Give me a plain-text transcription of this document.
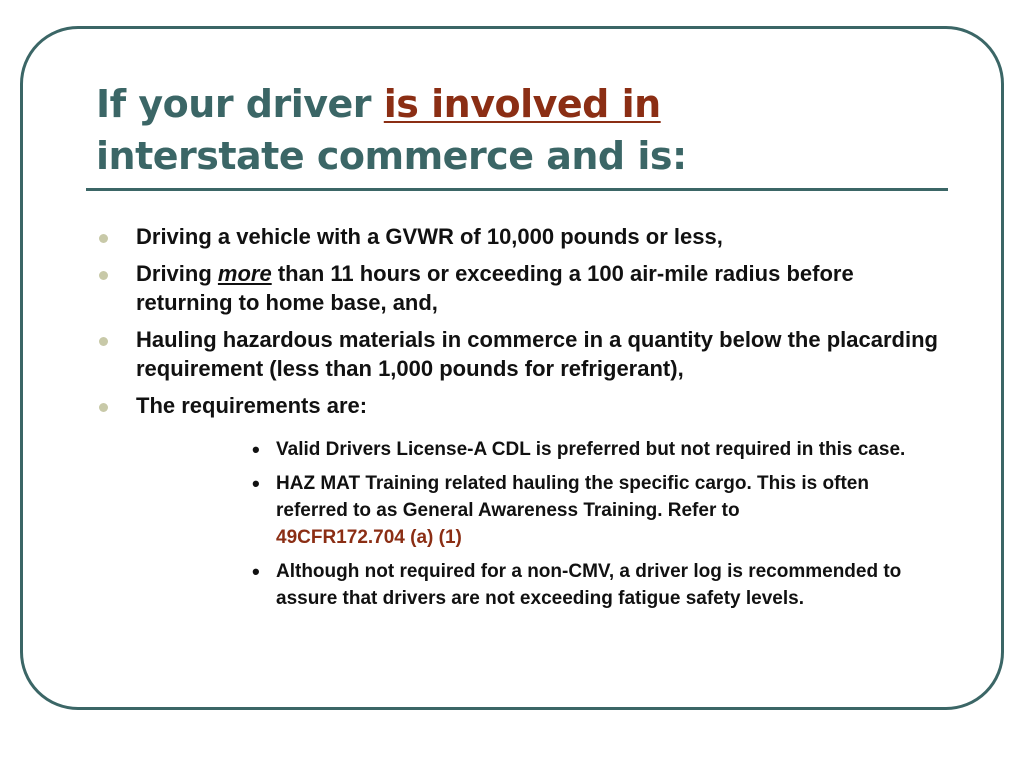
If your driver is involved in
interstate commerce and is:
Driving a vehicle with a GVWR of 10,000 pounds or less,
Driving more than 11 hours or exceeding a 100 air-mile radius before returning to home base, and,
Hauling hazardous materials in commerce in a quantity below the placarding requirement (less than 1,000 pounds for refrigerant),
The requirements are:
• Valid Drivers License-A CDL is preferred but not required in this case.
• HAZ MAT Training related hauling the specific cargo. This is often referred to as General Awareness Training. Refer to
49CFR172.704 (a) (1)
• Although not required for a non-CMV, a driver log is recommended to assure that drivers are not exceeding fatigue safety levels.
